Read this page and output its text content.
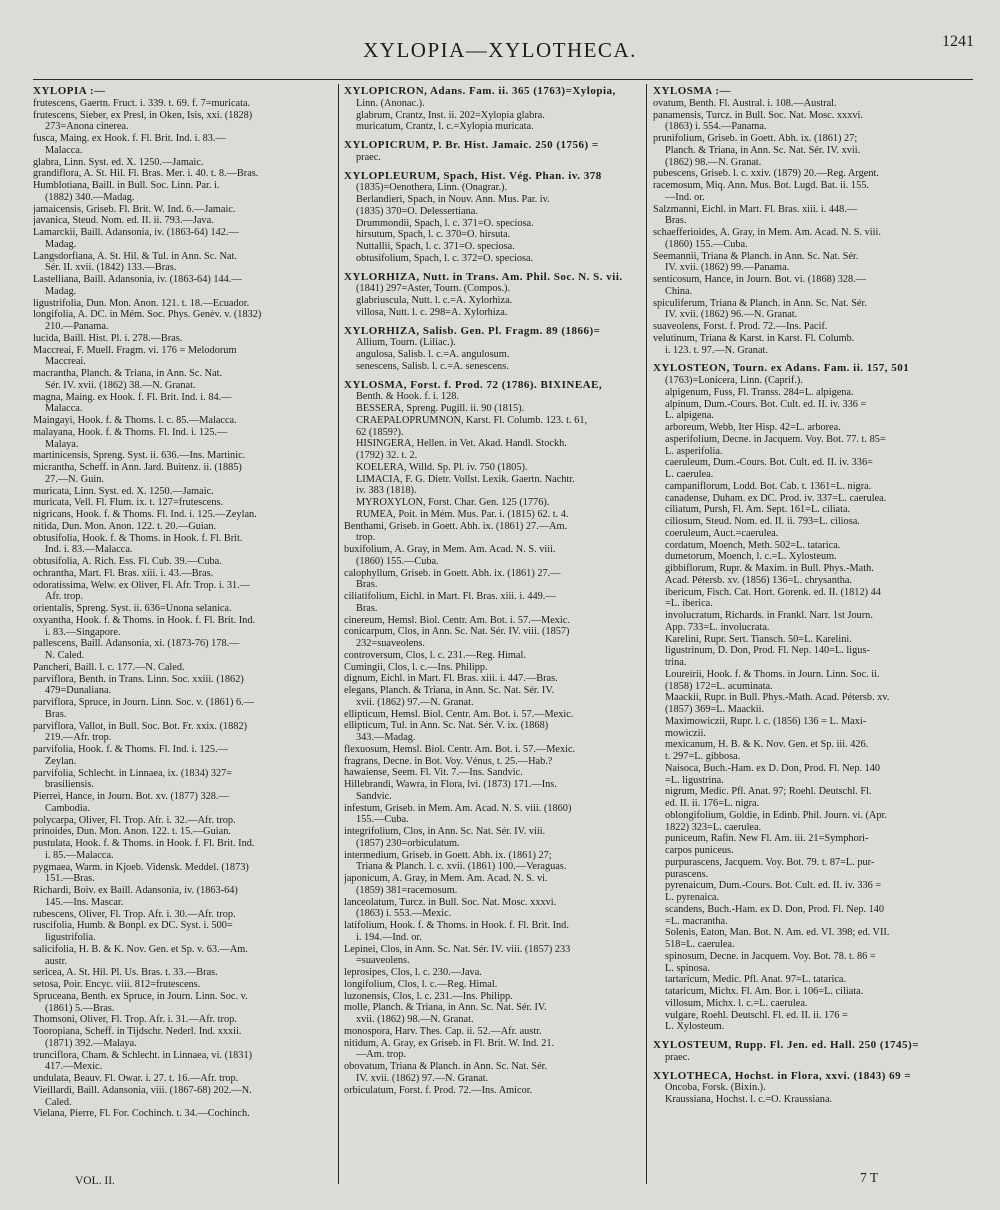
XYLOPIA—XYLOTHECA.	1241
XYLOPIA :—
frutescens, Gaertn. Fruct. i. 339. t. 69. f. 7=muricata.
frutescens, Sieber, ex Presl, in Oken, Isis, xxi. (1828)
273=Anona cinerea.
fusca, Maing. ex Hook. f. Fl. Brit. Ind. i. 83.—
Malacca.
glabra, Linn. Syst. ed. X. 1250.—Jamaic.
grandiflora, A. St. Hil. Fl. Bras. Mer. i. 40. t. 8.—Bras.
Humblotiana, Baill. in Bull. Soc. Linn. Par. i.
(1882) 340.—Madag.
jamaicensis, Griseb. Fl. Brit. W. Ind. 6.—Jamaic.
javanica, Steud. Nom. ed. II. ii. 793.—Java.
Lamarckii, Baill. Adansonia, iv. (1863-64) 142.—
Madag.
Langsdorfiana, A. St. Hil. & Tul. in Ann. Sc. Nat.
Sér. II. xvii. (1842) 133.—Bras.
Lastelliana, Baill. Adansonia, iv. (1863-64) 144.—
Madag.
ligustrifolia, Dun. Mon. Anon. 121. t. 18.—Ecuador.
longifolia, A. DC. in Mém. Soc. Phys. Genèv. v. (1832)
210.—Panama.
lucida, Baill. Hist. Pl. i. 278.—Bras.
Maccreai, F. Muell. Fragm. vi. 176 = Melodorum
Maccreai.
macrantha, Planch. & Triana, in Ann. Sc. Nat.
Sér. IV. xvii. (1862) 38.—N. Granat.
magna, Maing. ex Hook. f. Fl. Brit. Ind. i. 84.—
Malacca.
Maingayi, Hook. f. & Thoms. l. c. 85.—Malacca.
malayana, Hook. f. & Thoms. Fl. Ind. i. 125.—
Malaya.
martinicensis, Spreng. Syst. ii. 636.—Ins. Martinic.
micrantha, Scheff. in Ann. Jard. Buitenz. ii. (1885)
27.—N. Guin.
muricata, Linn. Syst. ed. X. 1250.—Jamaic.
muricata, Vell. Fl. Flum. ix. t. 127=frutescens.
nigricans, Hook. f. & Thoms. Fl. Ind. i. 125.—Zeylan.
nitida, Dun. Mon. Anon. 122. t. 20.—Guian.
obtusifolia, Hook. f. & Thoms. in Hook. f. Fl. Brit.
Ind. i. 83.—Malacca.
obtusifolia, A. Rich. Ess. Fl. Cub. 39.—Cuba.
ochrantha, Mart. Fl. Bras. xiii. i. 43.—Bras.
odoratissima, Welw. ex Oliver, Fl. Afr. Trop. i. 31.—
Afr. trop.
orientalis, Spreng. Syst. ii. 636=Unona selanica.
oxyantha, Hook. f. & Thoms. in Hook. f. Fl. Brit. Ind.
i. 83.—Singapore.
pallescens, Baill. Adansonia, xi. (1873-76) 178.—
N. Caled.
Pancheri, Baill. l. c. 177.—N. Caled.
parviflora, Benth. in Trans. Linn. Soc. xxiii. (1862)
479=Dunaliana.
parviflora, Spruce, in Journ. Linn. Soc. v. (1861) 6.—
Bras.
parviflora, Vallot, in Bull. Soc. Bot. Fr. xxix. (1882)
219.—Afr. trop.
parvifolia, Hook. f. & Thoms. Fl. Ind. i. 125.—
Zeylan.
parvifolia, Schlecht. in Linnaea, ix. (1834) 327=
brasiliensis.
Pierrei, Hance, in Journ. Bot. xv. (1877) 328.—
Cambodia.
polycarpa, Oliver, Fl. Trop. Afr. i. 32.—Afr. trop.
prinoides, Dun. Mon. Anon. 122. t. 15.—Guian.
pustulata, Hook. f. & Thoms. in Hook. f. Fl. Brit. Ind.
i. 85.—Malacca.
pygmaea, Warm. in Kjoeb. Vidensk. Meddel. (1873)
151.—Bras.
Richardi, Boiv. ex Baill. Adansonia, iv. (1863-64)
145.—Ins. Mascar.
rubescens, Oliver, Fl. Trop. Afr. i. 30.—Afr. trop.
ruscifolia, Humb. & Bonpl. ex DC. Syst. i. 500=
ligustrifolia.
salicifolia, H. B. & K. Nov. Gen. et Sp. v. 63.—Am.
austr.
sericea, A. St. Hil. Pl. Us. Bras. t. 33.—Bras.
setosa, Poir. Encyc. viii. 812=frutescens.
Spruceana, Benth. ex Spruce, in Journ. Linn. Soc. v.
(1861) 5.—Bras.
Thomsoni, Oliver, Fl. Trop. Afr. i. 31.—Afr. trop.
Tooropiana, Scheff. in Tijdschr. Nederl. Ind. xxxii.
(1871) 392.—Malaya.
trunciflora, Cham. & Schlecht. in Linnaea, vi. (1831)
417.—Mexic.
undulata, Beauv. Fl. Owar. i. 27. t. 16.—Afr. trop.
Vieillardi, Baill. Adansonia, viii. (1867-68) 202.—N.
Caled.
Vielana, Pierre, Fl. For. Cochinch. t. 34.—Cochinch.
XYLOPICRON, Adans. Fam. ii. 365 (1763)=Xylopia,
Linn. (Anonac.).
glabrum, Crantz, Inst. ii. 202=Xylopia glabra.
muricatum, Crantz, l. c.=Xylopia muricata.
XYLOPICRUM, P. Br. Hist. Jamaic. 250 (1756) =
praec.
XYLOPLEURUM, Spach, Hist. Vég. Phan. iv. 378
(1835)=Oenothera, Linn. (Onagrar.).
Berlandieri, Spach, in Nouv. Ann. Mus. Par. iv.
(1835) 370=O. Delessertiana.
Drummondii, Spach, l. c. 371=O. speciosa.
hirsutum, Spach, l. c. 370=O. hirsuta.
Nuttallii, Spach, l. c. 371=O. speciosa.
obtusifolium, Spach, l. c. 372=O. speciosa.
XYLORHIZA, Nutt. in Trans. Am. Phil. Soc. N. S. vii.
(1841) 297=Aster, Tourn. (Compos.).
glabriuscula, Nutt. l. c.=A. Xylorhiza.
villosa, Nutt. l. c. 298=A. Xylorhiza.
XYLORHIZA, Salisb. Gen. Pl. Fragm. 89 (1866)=
Allium, Tourn. (Liliac.).
angulosa, Salisb. l. c.=A. angulosum.
senescens, Salisb. l. c.=A. senescens.
XYLOSMA, Forst. f. Prod. 72 (1786). BIXINEAE,
Benth. & Hook. f. i. 128.
BESSERA, Spreng. Pugill. ii. 90 (1815).
CRAEPALOPRUMNON, Karst. Fl. Columb. 123. t. 61,
62 (1859?).
HISINGERA, Hellen. in Vet. Akad. Handl. Stockh.
(1792) 32. t. 2.
KOELERA, Willd. Sp. Pl. iv. 750 (1805).
LIMACIA, F. G. Dietr. Vollst. Lexik. Gaertn. Nachtr.
iv. 383 (1818).
MYROXYLON, Forst. Char. Gen. 125 (1776).
RUMEA, Poit. in Mém. Mus. Par. i. (1815) 62. t. 4.
Benthami, Griseb. in Goett. Abh. ix. (1861) 27.—Am.
trop.
buxifolium, A. Gray, in Mem. Am. Acad. N. S. viii.
(1860) 155.—Cuba.
calophyllum, Griseb. in Goett. Abh. ix. (1861) 27.—
Bras.
ciliatifolium, Eichl. in Mart. Fl. Bras. xiii. i. 449.—
Bras.
cinereum, Hemsl. Biol. Centr. Am. Bot. i. 57.—Mexic.
conicarpum, Clos, in Ann. Sc. Nat. Sér. IV. viii. (1857)
232=suaveolens.
controversum, Clos, l. c. 231.—Reg. Himal.
Cumingii, Clos, l. c.—Ins. Philipp.
dignum, Eichl. in Mart. Fl. Bras. xiii. i. 447.—Bras.
elegans, Planch. & Triana, in Ann. Sc. Nat. Sér. IV.
xvii. (1862) 97.—N. Granat.
ellipticum, Hemsl. Biol. Centr. Am. Bot. i. 57.—Mexic.
ellipticum, Tul. in Ann. Sc. Nat. Sér. V. ix. (1868)
343.—Madag.
flexuosum, Hemsl. Biol. Centr. Am. Bot. i. 57.—Mexic.
fragrans, Decne. in Bot. Voy. Vénus, t. 25.—Hab.?
hawaiense, Seem. Fl. Vit. 7.—Ins. Sandvic.
Hillebrandi, Wawra, in Flora, lvi. (1873) 171.—Ins.
Sandvic.
infestum, Griseb. in Mem. Am. Acad. N. S. viii. (1860)
155.—Cuba.
integrifolium, Clos, in Ann. Sc. Nat. Sér. IV. viii.
(1857) 230=orbiculatum.
intermedium, Griseb. in Goett. Abh. ix. (1861) 27;
Triana & Planch. l. c. xvii. (1861) 100.—Veraguas.
japonicum, A. Gray, in Mem. Am. Acad. N. S. vi.
(1859) 381=racemosum.
lanceolatum, Turcz. in Bull. Soc. Nat. Mosc. xxxvi.
(1863) i. 553.—Mexic.
latifolium, Hook. f. & Thoms. in Hook. f. Fl. Brit. Ind.
i. 194.—Ind. or.
Lepinei, Clos, in Ann. Sc. Nat. Sér. IV. viii. (1857) 233
=suaveolens.
leprosipes, Clos, l. c. 230.—Java.
longifolium, Clos, l. c.—Reg. Himal.
luzonensis, Clos, l. c. 231.—Ins. Philipp.
molle, Planch. & Triana, in Ann. Sc. Nat. Sér. IV.
xvii. (1862) 98.—N. Granat.
monospora, Harv. Thes. Cap. ii. 52.—Afr. austr.
nitidum, A. Gray, ex Griseb. in Fl. Brit. W. Ind. 21.
—Am. trop.
obovatum, Triana & Planch. in Ann. Sc. Nat. Sér.
IV. xvii. (1862) 97.—N. Granat.
orbiculatum, Forst. f. Prod. 72.—Ins. Amicor.
XYLOSMA :—
ovatum, Benth. Fl. Austral. i. 108.—Austral.
panamensis, Turcz. in Bull. Soc. Nat. Mosc. xxxvi.
(1863) i. 554.—Panama.
prunifolium, Griseb. in Goett. Abh. ix. (1861) 27;
Planch. & Triana, in Ann. Sc. Nat. Sér. IV. xvii.
(1862) 98.—N. Granat.
pubescens, Griseb. l. c. xxiv. (1879) 20.—Reg. Argent.
racemosum, Miq. Ann. Mus. Bot. Lugd. Bat. ii. 155.
—Ind. or.
Salzmanni, Eichl. in Mart. Fl. Bras. xiii. i. 448.—
Bras.
schaefferioides, A. Gray, in Mem. Am. Acad. N. S. viii.
(1860) 155.—Cuba.
Seemannii, Triana & Planch. in Ann. Sc. Nat. Sér.
IV. xvii. (1862) 99.—Panama.
senticosum, Hance, in Journ. Bot. vi. (1868) 328.—
China.
spiculiferum, Triana & Planch. in Ann. Sc. Nat. Sér.
IV. xvii. (1862) 96.—N. Granat.
suaveolens, Forst. f. Prod. 72.—Ins. Pacif.
velutinum, Triana & Karst. in Karst. Fl. Columb.
i. 123. t. 97.—N. Granat.
XYLOSTEON, Tourn. ex Adans. Fam. ii. 157, 501
(1763)=Lonicera, Linn. (Caprif.).
alpigenum, Fuss, Fl. Transs. 284=L. alpigena.
alpinum, Dum.-Cours. Bot. Cult. ed. II. iv. 336 =
L. alpigena.
arboreum, Webb, Iter Hisp. 42=L. arborea.
asperifolium, Decne. in Jacquem. Voy. Bot. 77. t. 85=
L. asperifolia.
caeruleum, Dum.-Cours. Bot. Cult. ed. II. iv. 336=
L. caerulea.
campaniflorum, Lodd. Bot. Cab. t. 1361=L. nigra.
canadense, Duham. ex DC. Prod. iv. 337=L. caerulea.
ciliatum, Pursh, Fl. Am. Sept. 161=L. ciliata.
ciliosum, Steud. Nom. ed. II. ii. 793=L. ciliosa.
coeruleum, Auct.=caerulea.
cordatum, Moench, Meth. 502=L. tatarica.
dumetorum, Moench, l. c.=L. Xylosteum.
gibbiflorum, Rupr. & Maxim. in Bull. Phys.-Math.
Acad. Pétersb. xv. (1856) 136=L. chrysantha.
ibericum, Fisch. Cat. Hort. Gorenk. ed. II. (1812) 44
=L. iberica.
involucratum, Richards. in Frankl. Narr. 1st Journ.
App. 733=L. involucrata.
Karelini, Rupr. Sert. Tiansch. 50=L. Karelini.
ligustrinum, D. Don, Prod. Fl. Nep. 140=L. ligus-
trina.
Loureirii, Hook. f. & Thoms. in Journ. Linn. Soc. ii.
(1858) 172=L. acuminata.
Maackii, Rupr. in Bull. Phys.-Math. Acad. Pétersb. xv.
(1857) 369=L. Maackii.
Maximowiczii, Rupr. l. c. (1856) 136 = L. Maxi-
mowiczii.
mexicanum, H. B. & K. Nov. Gen. et Sp. iii. 426.
t. 297=L. gibbosa.
Naisoca, Buch.-Ham. ex D. Don, Prod. Fl. Nep. 140
=L. ligustrina.
nigrum, Medic. Pfl. Anat. 97; Roehl. Deutschl. Fl.
ed. II. ii. 176=L. nigra.
oblongifolium, Goldie, in Edinb. Phil. Journ. vi. (Apr.
1822) 323=L. caerulea.
puniceum, Rafin. New Fl. Am. iii. 21=Symphori-
carpos puniceus.
purpurascens, Jacquem. Voy. Bot. 79. t. 87=L. pur-
purascens.
pyrenaicum, Dum.-Cours. Bot. Cult. ed. II. iv. 336 =
L. pyrenaica.
scandens, Buch.-Ham. ex D. Don, Prod. Fl. Nep. 140
=L. macrantha.
Solenis, Eaton, Man. Bot. N. Am. ed. VI. 398; ed. VII.
518=L. caerulea.
spinosum, Decne. in Jacquem. Voy. Bot. 78. t. 86 =
L. spinosa.
tartaricum, Medic. Pfl. Anat. 97=L. tatarica.
tataricum, Michx. Fl. Am. Bor. i. 106=L. ciliata.
villosum, Michx. l. c.=L. caerulea.
vulgare, Roehl. Deutschl. Fl. ed. II. ii. 176 =
L. Xylosteum.
XYLOSTEUM, Rupp. Fl. Jen. ed. Hall. 250 (1745)=
praec.
XYLOTHECA, Hochst. in Flora, xxvi. (1843) 69 =
Oncoba, Forsk. (Bixin.).
Kraussiana, Hochst. l. c.=O. Kraussiana.
VOL. II.	7 T
